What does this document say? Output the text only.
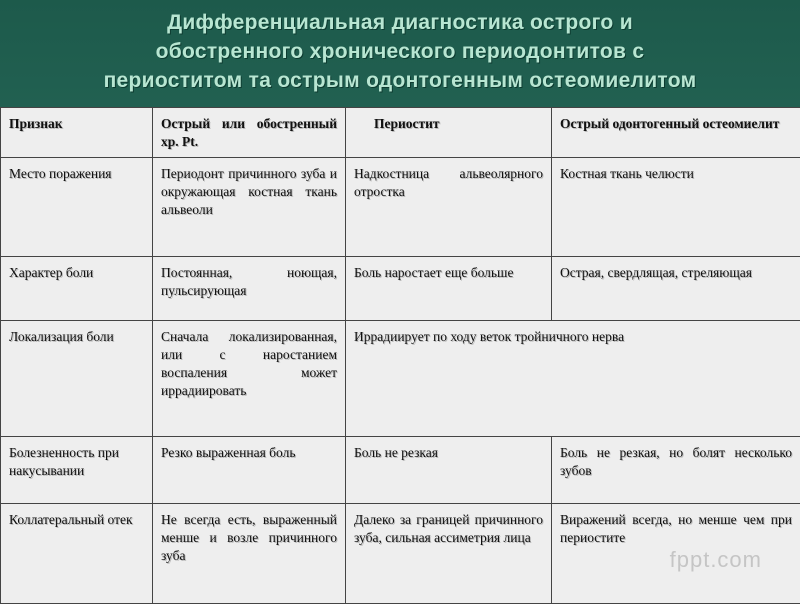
Дифференциальная диагностика острого и
обостренного хронического периодонтитов с
периоститом та острым одонтогенным остеомиелитом
Признак	Острый или обостренный хр. Pt.	Периостит	Острый одонтогенный остеомиелит
Место поражения	Периодонт причинного зуба и окружающая костная ткань альвеоли	Надкостница альвеолярного отростка	Костная ткань челюсти
Характер боли	Постоянная, ноющая, пульсирующая	Боль наростает еще больше	Острая, свердлящая, стреляющая
Локализация боли	Сначала локализированная, или с наростанием воспаления может иррадиировать	Иррадиирует по ходу веток тройничного нерва	
Болезненность при накусывании	Резко выраженная боль	Боль не резкая	Боль не резкая, но болят несколько зубов
Коллатеральный отек	Не всегда есть, выраженный менше и возле причинного зуба	Далеко за границей причинного зуба, сильная ассиметрия лица	Виражений всегда, но менше чем при периостите
fppt.com
